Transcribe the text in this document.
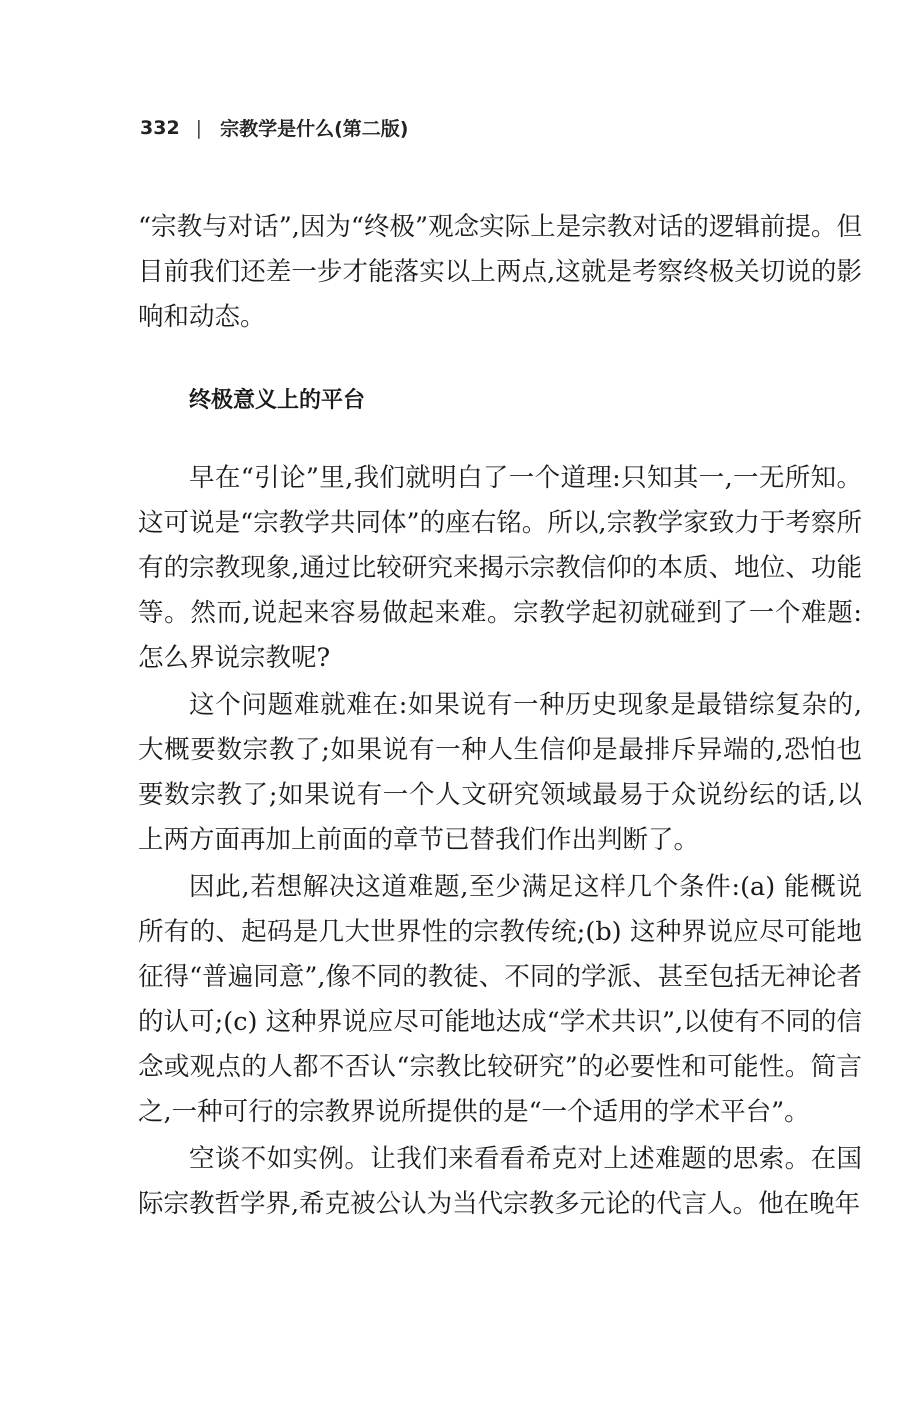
332 | 宗教学是什么(第二版)

“宗教与对话”,因为“终极”观念实际上是宗教对话的逻辑前提。但目前我们还差一步才能落实以上两点,这就是考察终极关切说的影响和动态。

终极意义上的平台

早在“引论”里,我们就明白了一个道理:只知其一,一无所知。这可说是“宗教学共同体”的座右铭。所以,宗教学家致力于考察所有的宗教现象,通过比较研究来揭示宗教信仰的本质、地位、功能等。然而,说起来容易做起来难。宗教学起初就碰到了一个难题:怎么界说宗教呢?

这个问题难就难在:如果说有一种历史现象是最错综复杂的,大概要数宗教了;如果说有一种人生信仰是最排斥异端的,恐怕也要数宗教了;如果说有一个人文研究领域最易于众说纷纭的话,以上两方面再加上前面的章节已替我们作出判断了。

因此,若想解决这道难题,至少满足这样几个条件:(a) 能概说所有的、起码是几大世界性的宗教传统;(b) 这种界说应尽可能地征得“普遍同意”,像不同的教徒、不同的学派、甚至包括无神论者的认可;(c) 这种界说应尽可能地达成“学术共识”,以使有不同的信念或观点的人都不否认“宗教比较研究”的必要性和可能性。简言之,一种可行的宗教界说所提供的是“一个适用的学术平台”。

空谈不如实例。让我们来看看希克对上述难题的思索。在国际宗教哲学界,希克被公认为当代宗教多元论的代言人。他在晚年
